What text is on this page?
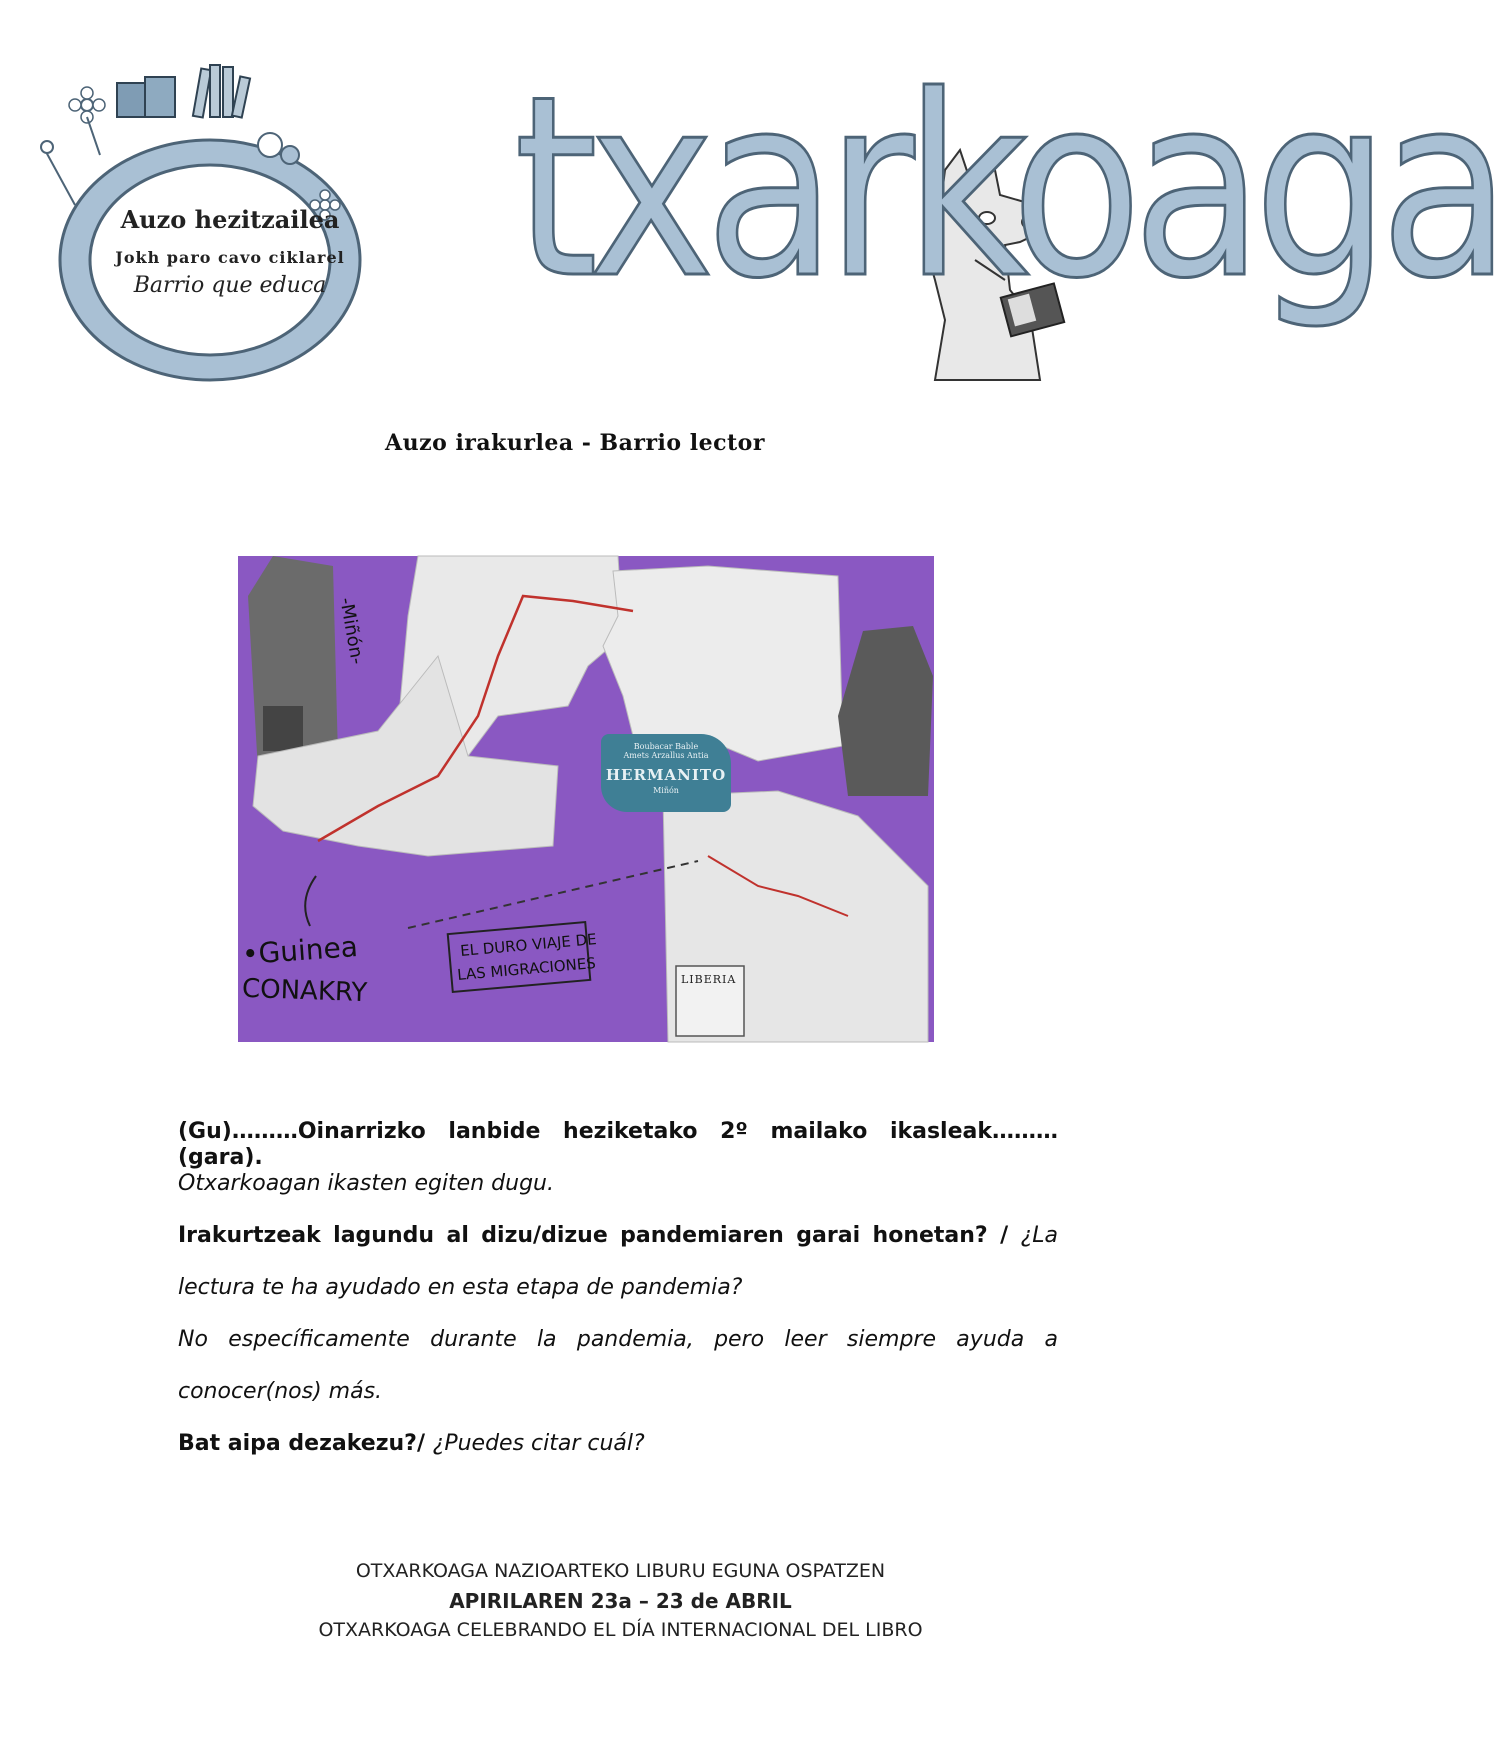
Auzo hezitzailea
Jokh paro cavo ciklarel
Barrio que educa txarkoaga
Auzo irakurlea - Barrio lector
Boubacar Bable
Amets Arzallus Antia
HERMANITO
Miñón
•Guinea
CONAKRY
EL DURO VIAJE DE
LAS MIGRACIONES
-Miñón-
LIBERIA
(Gu)………Oinarrizko lanbide heziketako 2º mailako ikasleak……… (gara).
Otxarkoagan ikasten egiten dugu.
Irakurtzeak lagundu al dizu/dizue pandemiaren garai honetan? / ¿La
lectura te ha ayudado en esta etapa de pandemia?
No específicamente durante la pandemia, pero leer siempre ayuda a
conocer(nos) más.
Bat aipa dezakezu?/ ¿Puedes citar cuál?
OTXARKOAGA NAZIOARTEKO LIBURU EGUNA OSPATZEN
APIRILAREN 23a – 23 de ABRIL
OTXARKOAGA CELEBRANDO EL DÍA INTERNACIONAL DEL LIBRO
